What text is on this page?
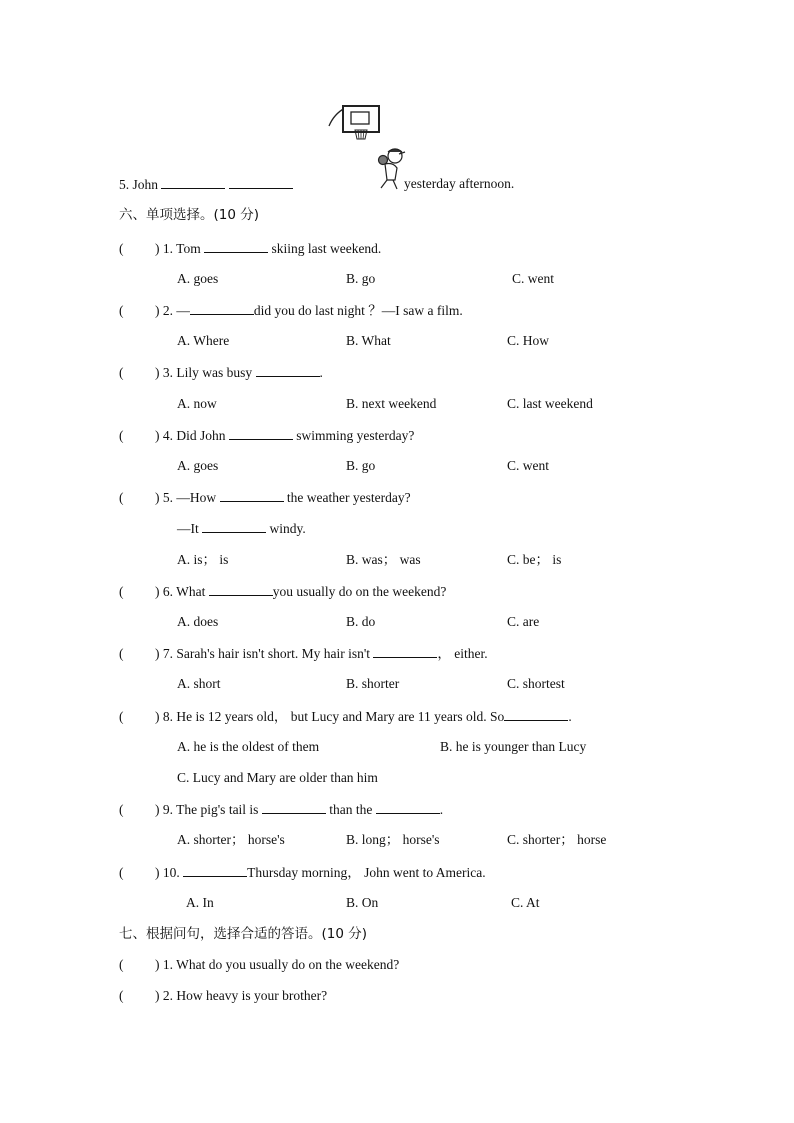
5. John	yesterday afternoon.
六、单项选择。(10 分)
( ) 1. Tom	skiing last weekend.
A. goes	B. go	C. went
( ) 2. —	did you do last night ？—I saw a film.
A. Where	B. What	C. How
( ) 3. Lily was busy	.
A. now	B. next weekend	C. last weekend
( ) 4. Did John	swimming yesterday?
A. goes	B. go	C. went
( ) 5. —How	the weather yesterday?
—It	windy.
A. is； is	B. was； was	C. be； is
( ) 6. What	you usually do on the weekend?
A. does	B. do	C. are
( ) 7. Sarah's hair isn't short. My hair isn't	， either.
A. short	B. shorter	C. shortest
( ) 8. He is 12 years old， but Lucy and Mary are 11 years old. So	.
A. he is the oldest of them	B. he is younger than Lucy
C. Lucy and Mary are older than him
( ) 9. The pig's tail is	than the	.
A. shorter； horse's	B. long； horse's	C. shorter； horse
( ) 10.	Thursday morning， John went to America.
A. In	B. On	C. At
七、根据问句，选择合适的答语。(10 分)
( ) 1. What do you usually do on the weekend?
( ) 2. How heavy is your brother?
